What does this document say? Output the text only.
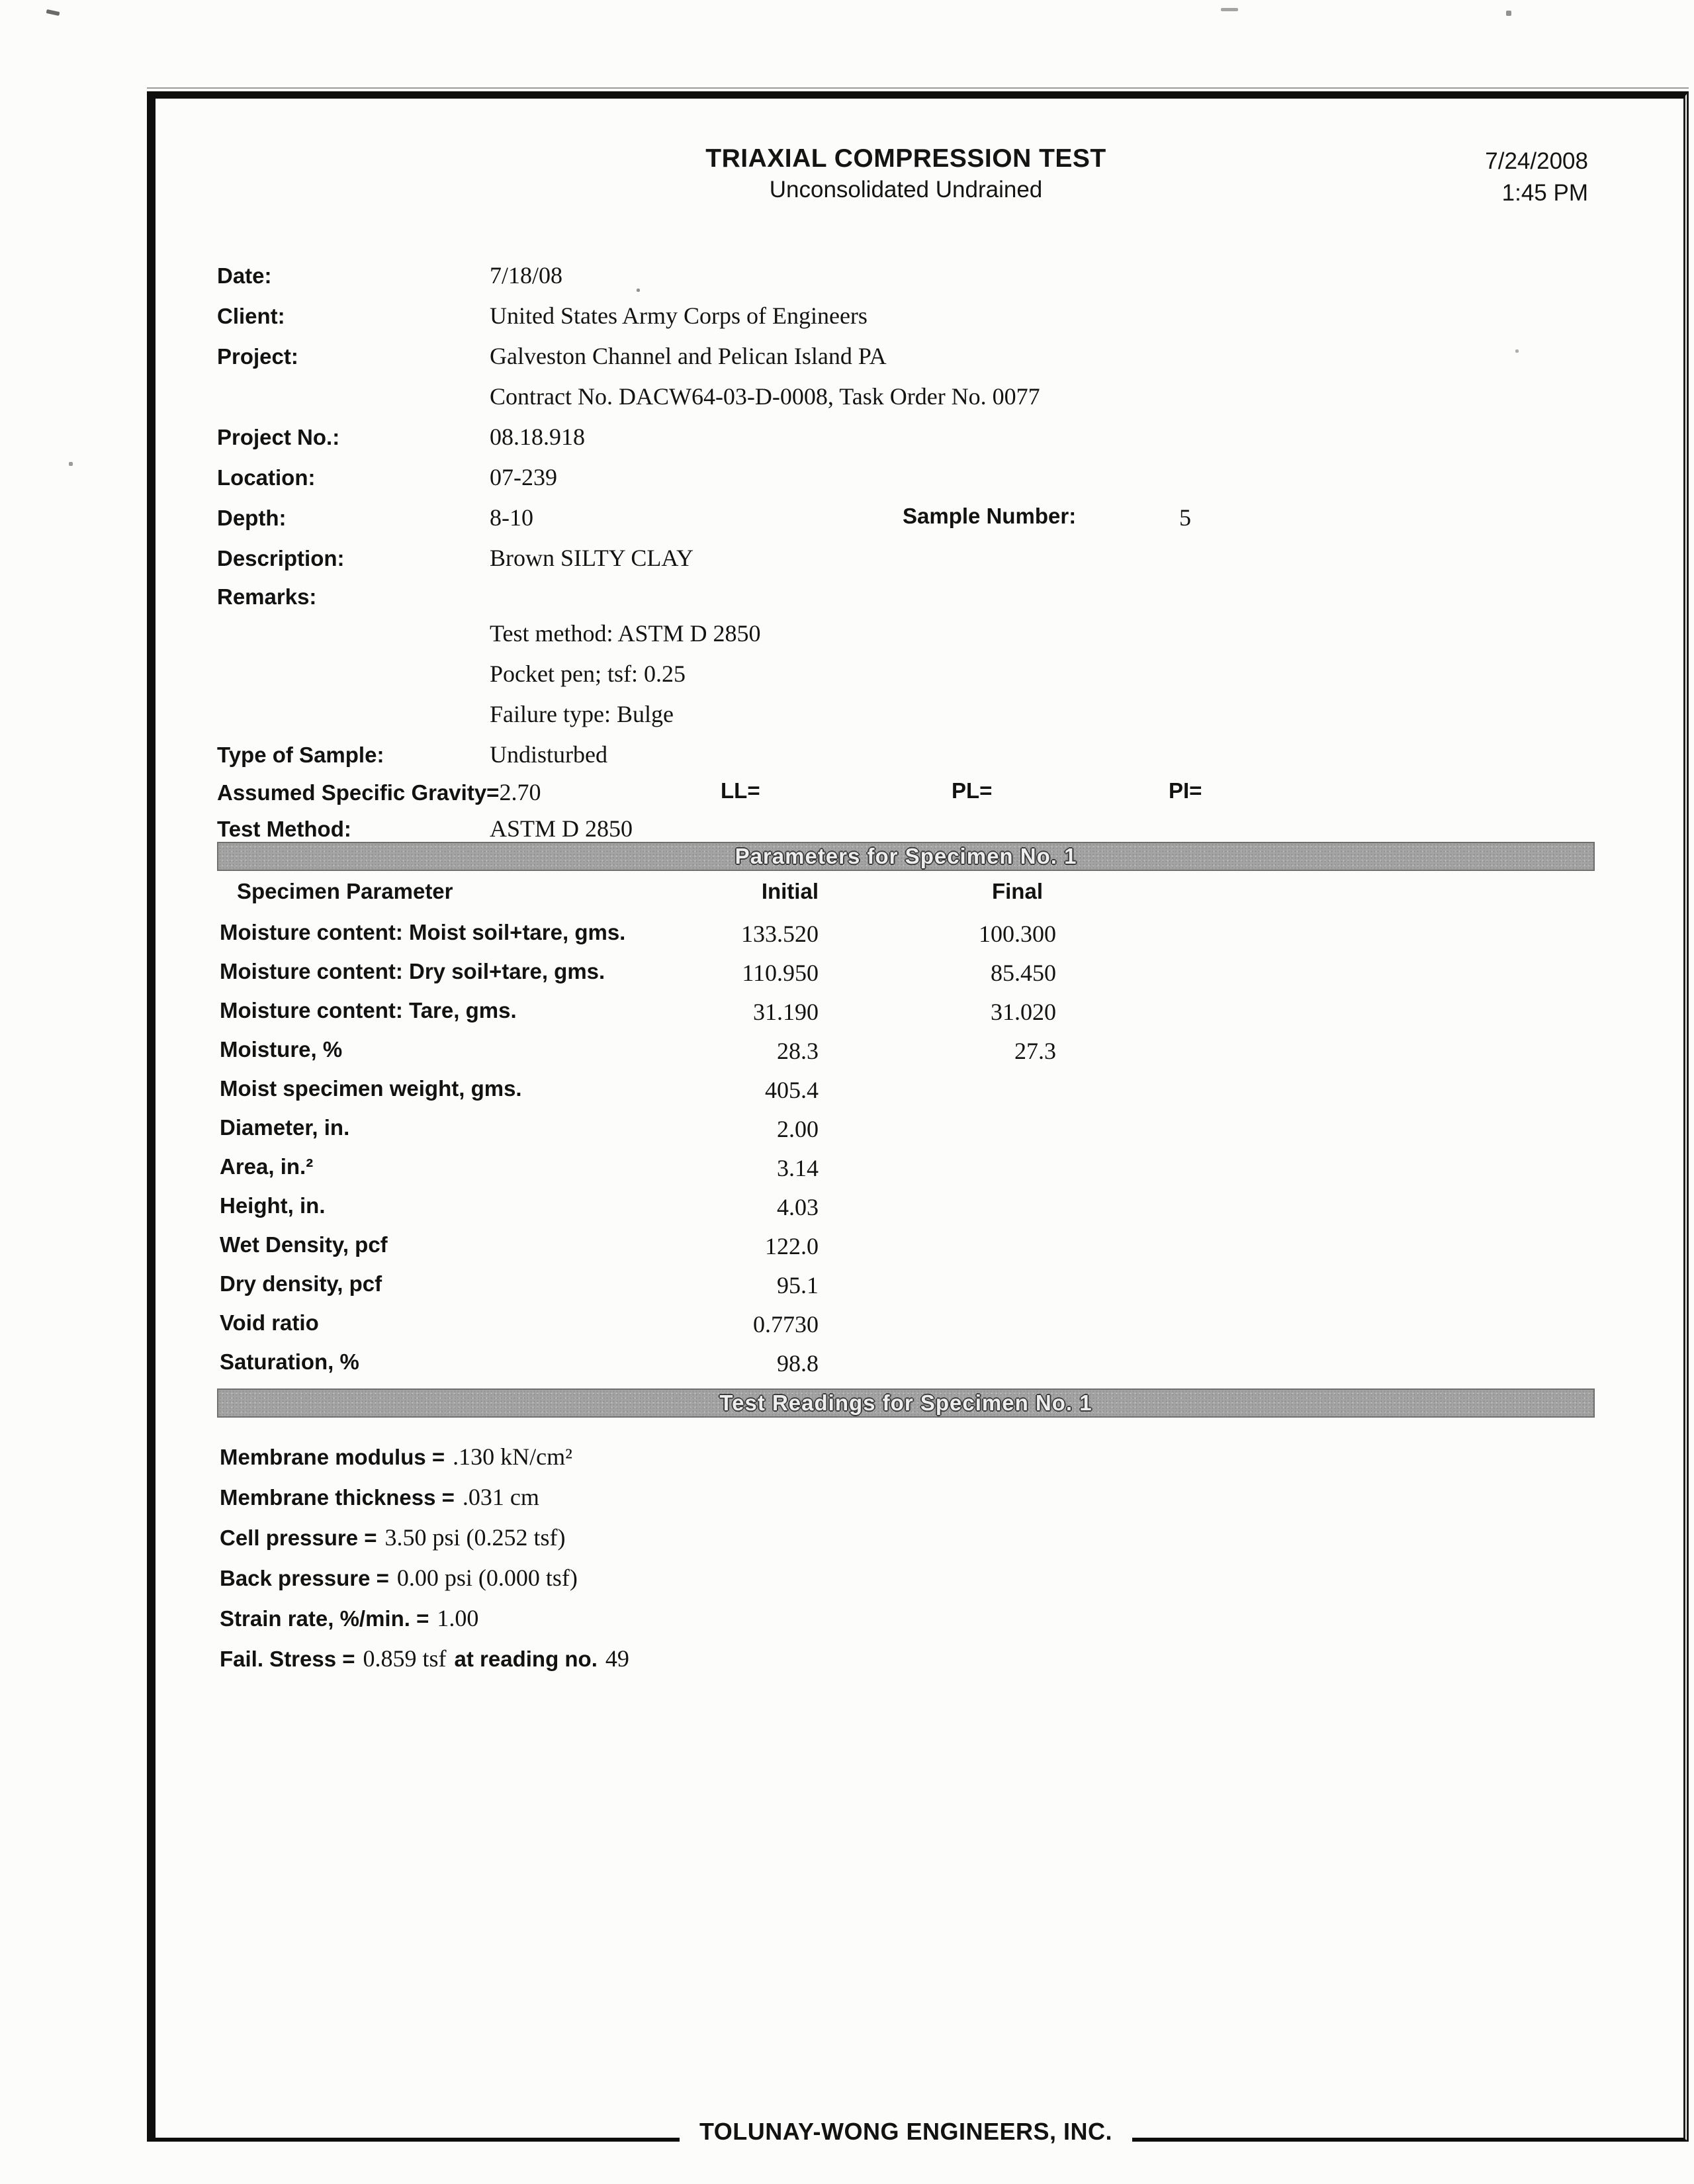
TRIAXIAL COMPRESSION TEST
Unconsolidated Undrained
7/24/2008
1:45 PM
Date:	7/18/08
Client:	United States Army Corps of Engineers
Project:	Galveston Channel and Pelican Island PA
Contract No. DACW64-03-D-0008, Task Order No. 0077
Project No.:	08.18.918
Location:	07-239
Depth:	8-10	Sample Number:	5
Description:	Brown SILTY CLAY
Remarks:
Test method: ASTM D 2850
Pocket pen; tsf: 0.25
Failure type: Bulge
Type of Sample:	Undisturbed
Assumed Specific Gravity=2.70	LL=	PL=	PI=
Test Method:	ASTM D 2850
Parameters for Specimen No. 1
Specimen Parameter	Initial	Final
Moisture content: Moist soil+tare, gms.	133.520	100.300
Moisture content: Dry soil+tare, gms.	110.950	85.450
Moisture content: Tare, gms.	31.190	31.020
Moisture, %	28.3	27.3
Moist specimen weight, gms.	405.4
Diameter, in.	2.00
Area, in.²	3.14
Height, in.	4.03
Wet Density, pcf	122.0
Dry density, pcf	95.1
Void ratio	0.7730
Saturation, %	98.8
Test Readings for Specimen No. 1
Membrane modulus = .130 kN/cm²
Membrane thickness = .031 cm
Cell pressure = 3.50 psi (0.252 tsf)
Back pressure = 0.00 psi (0.000 tsf)
Strain rate, %/min. = 1.00
Fail. Stress = 0.859 tsf at reading no. 49
TOLUNAY-WONG ENGINEERS, INC.
